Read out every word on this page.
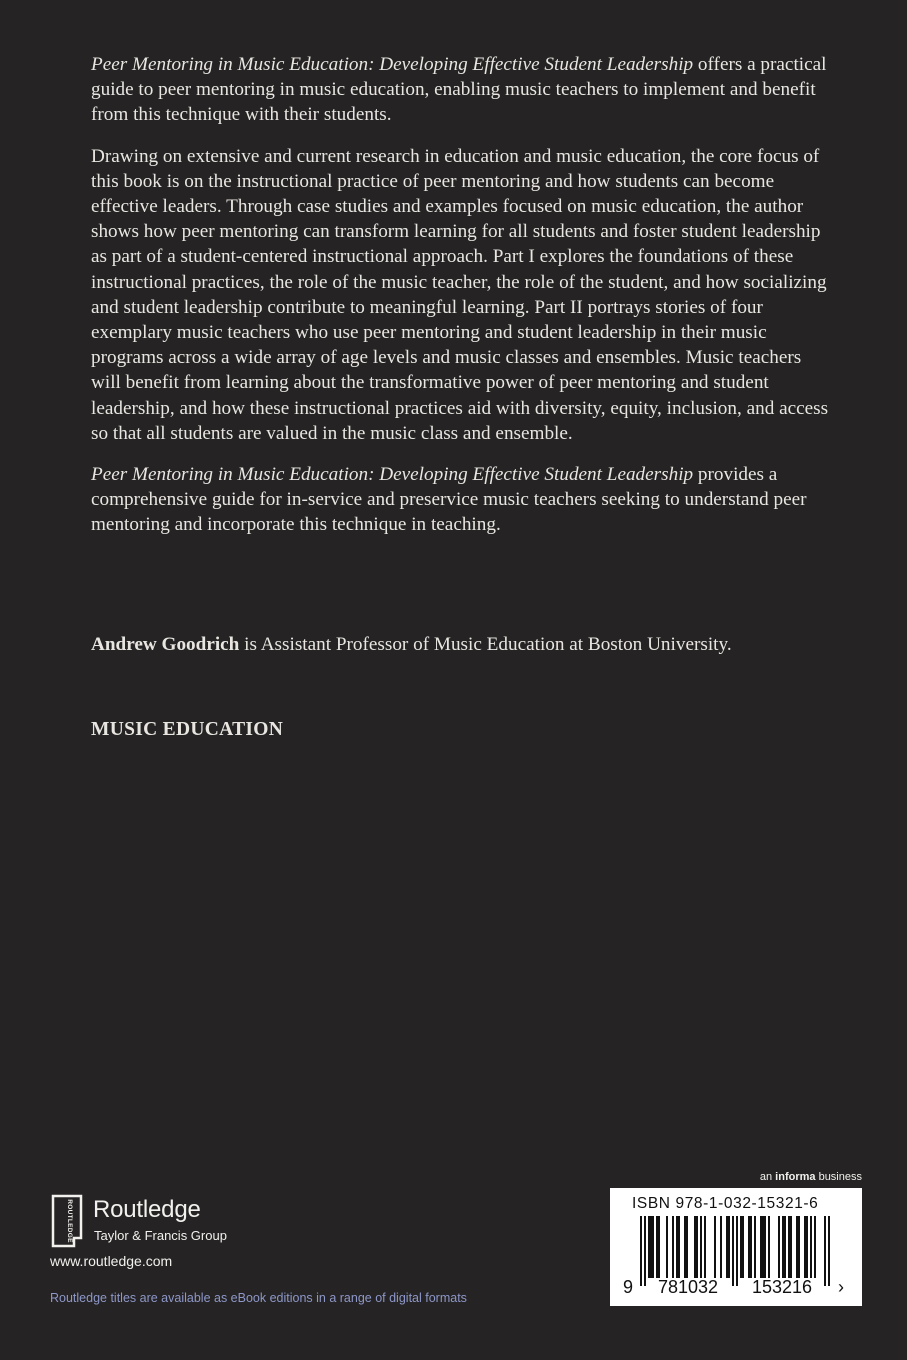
Peer Mentoring in Music Education: Developing Effective Student Leadership offers a practical guide to peer mentoring in music education, enabling music teachers to implement and benefit from this technique with their students.

Drawing on extensive and current research in education and music education, the core focus of this book is on the instructional practice of peer mentoring and how students can become effective leaders. Through case studies and examples focused on music education, the author shows how peer mentoring can transform learning for all students and foster student leadership as part of a student-centered instructional approach. Part I explores the foundations of these instructional practices, the role of the music teacher, the role of the student, and how socializing and student leadership contribute to meaningful learning. Part II portrays stories of four exemplary music teachers who use peer mentoring and student leadership in their music programs across a wide array of age levels and music classes and ensembles. Music teachers will benefit from learning about the transformative power of peer mentoring and student leadership, and how these instructional practices aid with diversity, equity, inclusion, and access so that all students are valued in the music class and ensemble.

Peer Mentoring in Music Education: Developing Effective Student Leadership provides a comprehensive guide for in-service and preservice music teachers seeking to understand peer mentoring and incorporate this technique in teaching.

Andrew Goodrich is Assistant Professor of Music Education at Boston University.

MUSIC EDUCATION

ROUTLEDGE Routledge
Taylor & Francis Group

www.routledge.com

Routledge titles are available as eBook editions in a range of digital formats

an informa business

ISBN 978-1-032-15321-6
9 781032 153216 ›
